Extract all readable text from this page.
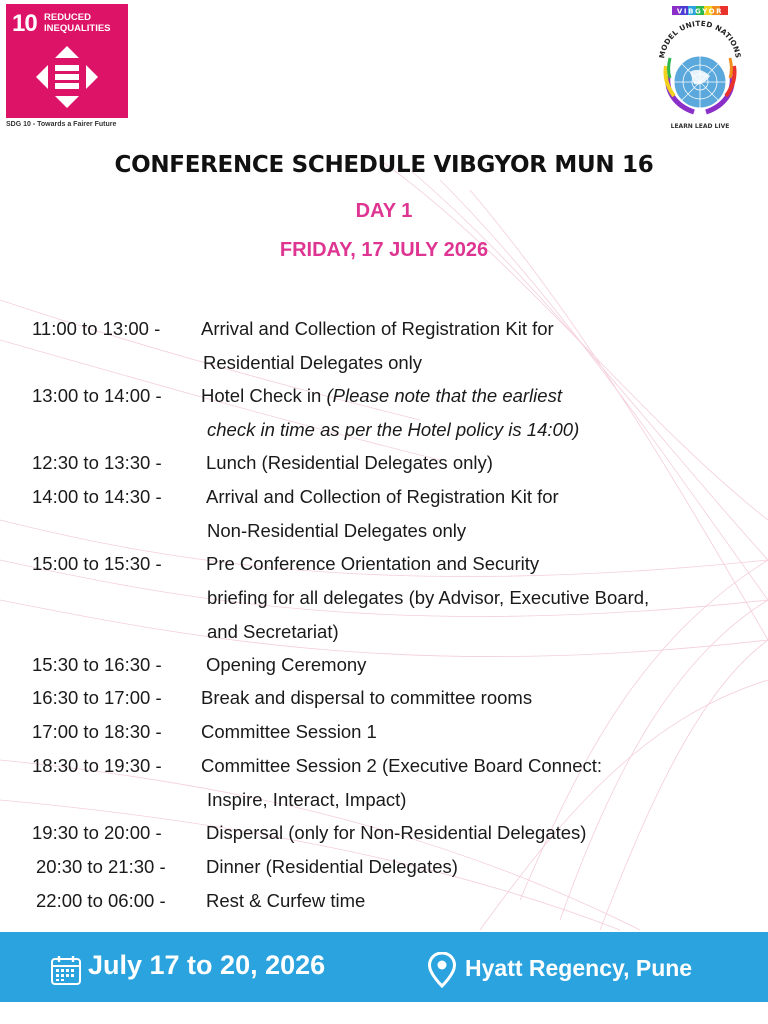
10 REDUCED
INEQUALITIES
SDG 10 - Towards a Fairer Future
VIBGYOR
MODEL UNITED NATIONS
LEARN LEAD LIVE
CONFERENCE SCHEDULE VIBGYOR MUN 16
DAY 1
FRIDAY, 17 JULY 2026
11:00 to 13:00 - Arrival and Collection of Registration Kit for
Residential Delegates only
13:00 to 14:00 - Hotel Check in (Please note that the earliest
check in time as per the Hotel policy is 14:00)
12:30 to 13:30 - Lunch (Residential Delegates only)
14:00 to 14:30 - Arrival and Collection of Registration Kit for
Non-Residential Delegates only
15:00 to 15:30 - Pre Conference Orientation and Security
briefing for all delegates (by Advisor, Executive Board,
and Secretariat)
15:30 to 16:30 - Opening Ceremony
16:30 to 17:00 - Break and dispersal to committee rooms
17:00 to 18:30 - Committee Session 1
18:30 to 19:30 - Committee Session 2 (Executive Board Connect:
Inspire, Interact, Impact)
19:30 to 20:00 - Dispersal (only for Non-Residential Delegates)
20:30 to 21:30 - Dinner (Residential Delegates)
22:00 to 06:00 - Rest & Curfew time
July 17 to 20, 2026	Hyatt Regency, Pune
